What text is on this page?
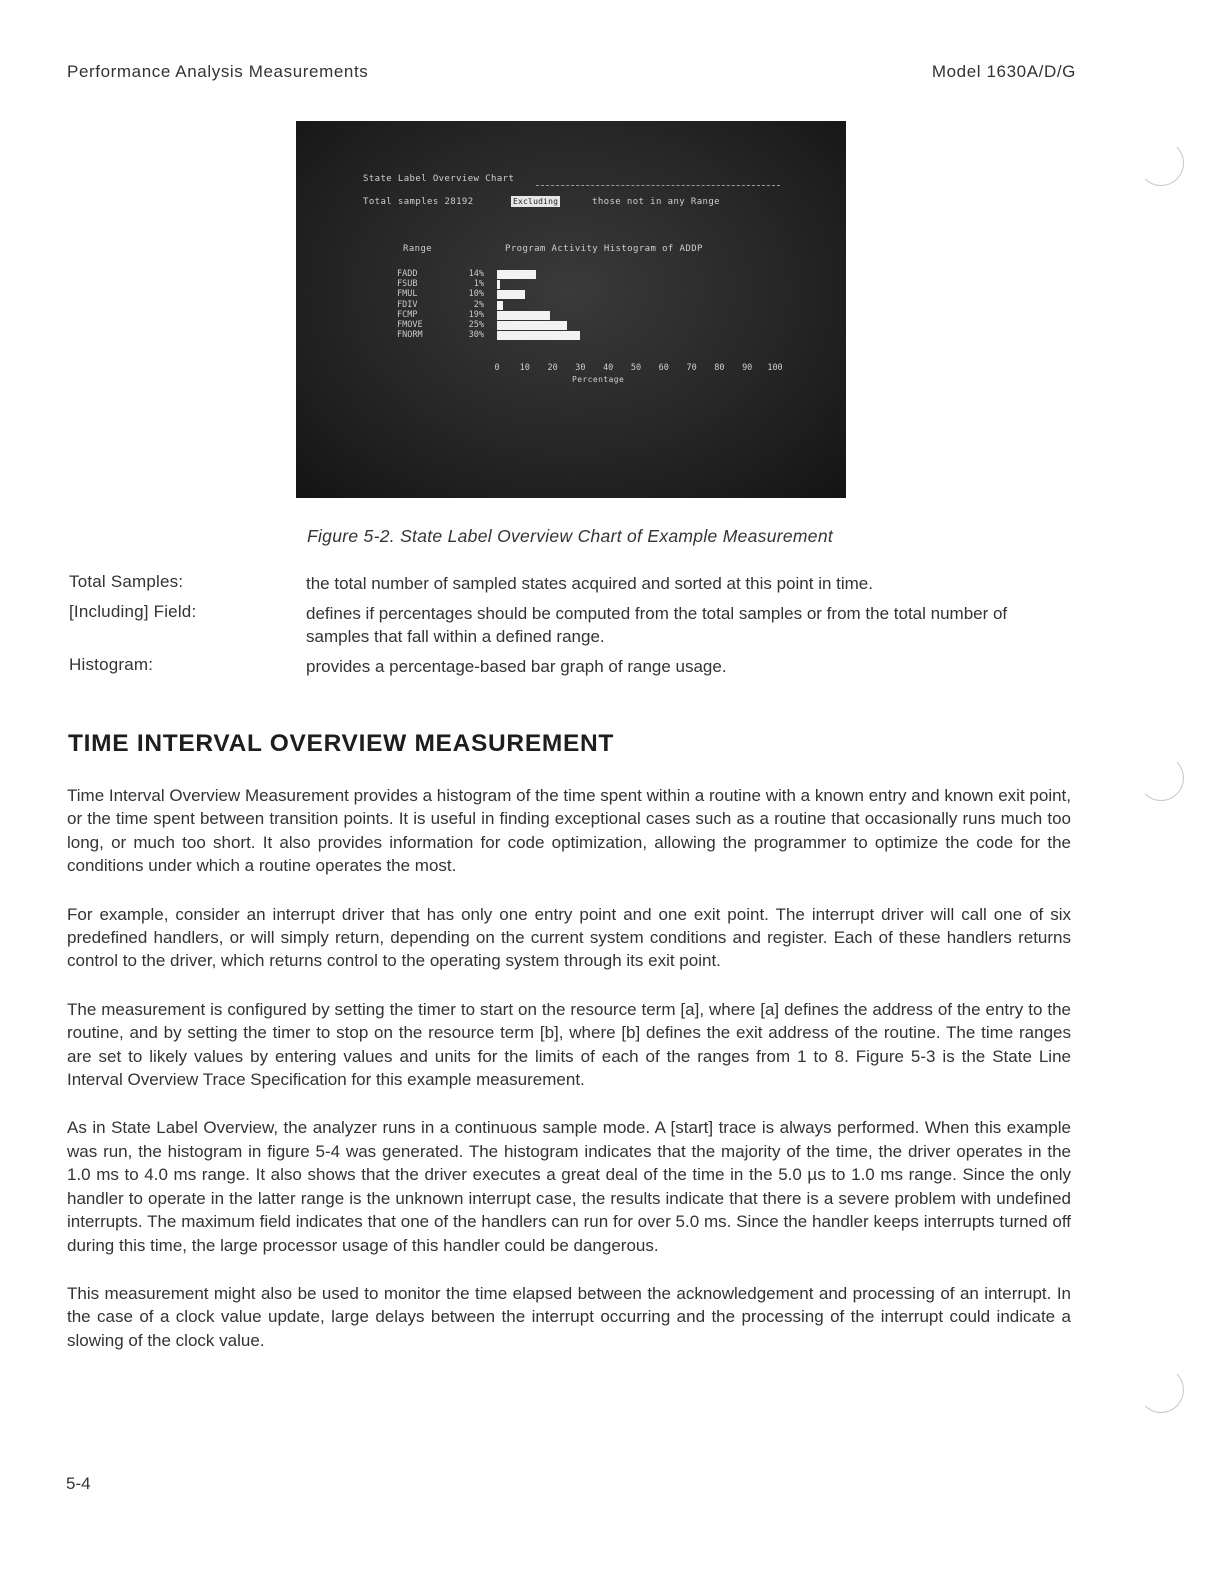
Performance Analysis Measurements	Model 1630A/D/G
State Label Overview Chart
Total samples 28192	Excluding	those not in any Range
Range	Program Activity Histogram of ADDP
FADD	14%
FSUB	1%
FMUL	10%
FDIV	2%
FCMP	19%
FMOVE	25%
FNORM	30%
0 10 20 30 40 50 60 70 80 90 100
Percentage
Figure 5-2. State Label Overview Chart of Example Measurement
Total Samples:	the total number of sampled states acquired and sorted at this point in time.
[Including] Field:	defines if percentages should be computed from the total samples or from the total number of samples that fall within a defined range.
Histogram:	provides a percentage-based bar graph of range usage.
TIME INTERVAL OVERVIEW MEASUREMENT

Time Interval Overview Measurement provides a histogram of the time spent within a routine with a known entry and known exit point, or the time spent between transition points. It is useful in finding exceptional cases such as a routine that occasionally runs much too long, or much too short. It also provides information for code optimization, allowing the programmer to optimize the code for the conditions under which a routine operates the most.

For example, consider an interrupt driver that has only one entry point and one exit point. The interrupt driver will call one of six predefined handlers, or will simply return, depending on the current system conditions and register. Each of these handlers returns control to the driver, which returns control to the operating system through its exit point.

The measurement is configured by setting the timer to start on the resource term [a], where [a] defines the address of the entry to the routine, and by setting the timer to stop on the resource term [b], where [b] defines the exit address of the routine. The time ranges are set to likely values by entering values and units for the limits of each of the ranges from 1 to 8. Figure 5-3 is the State Line Interval Overview Trace Specification for this example measurement.

As in State Label Overview, the analyzer runs in a continuous sample mode. A [start] trace is always performed. When this example was run, the histogram in figure 5-4 was generated. The histogram indicates that the majority of the time, the driver operates in the 1.0 ms to 4.0 ms range. It also shows that the driver executes a great deal of the time in the 5.0 µs to 1.0 ms range. Since the only handler to operate in the latter range is the unknown interrupt case, the results indicate that there is a severe problem with undefined interrupts. The maximum field indicates that one of the handlers can run for over 5.0 ms. Since the handler keeps interrupts turned off during this time, the large processor usage of this handler could be dangerous.

This measurement might also be used to monitor the time elapsed between the acknowledgement and processing of an interrupt. In the case of a clock value update, large delays between the interrupt occurring and the processing of the interrupt could indicate a slowing of the clock value.

5-4
